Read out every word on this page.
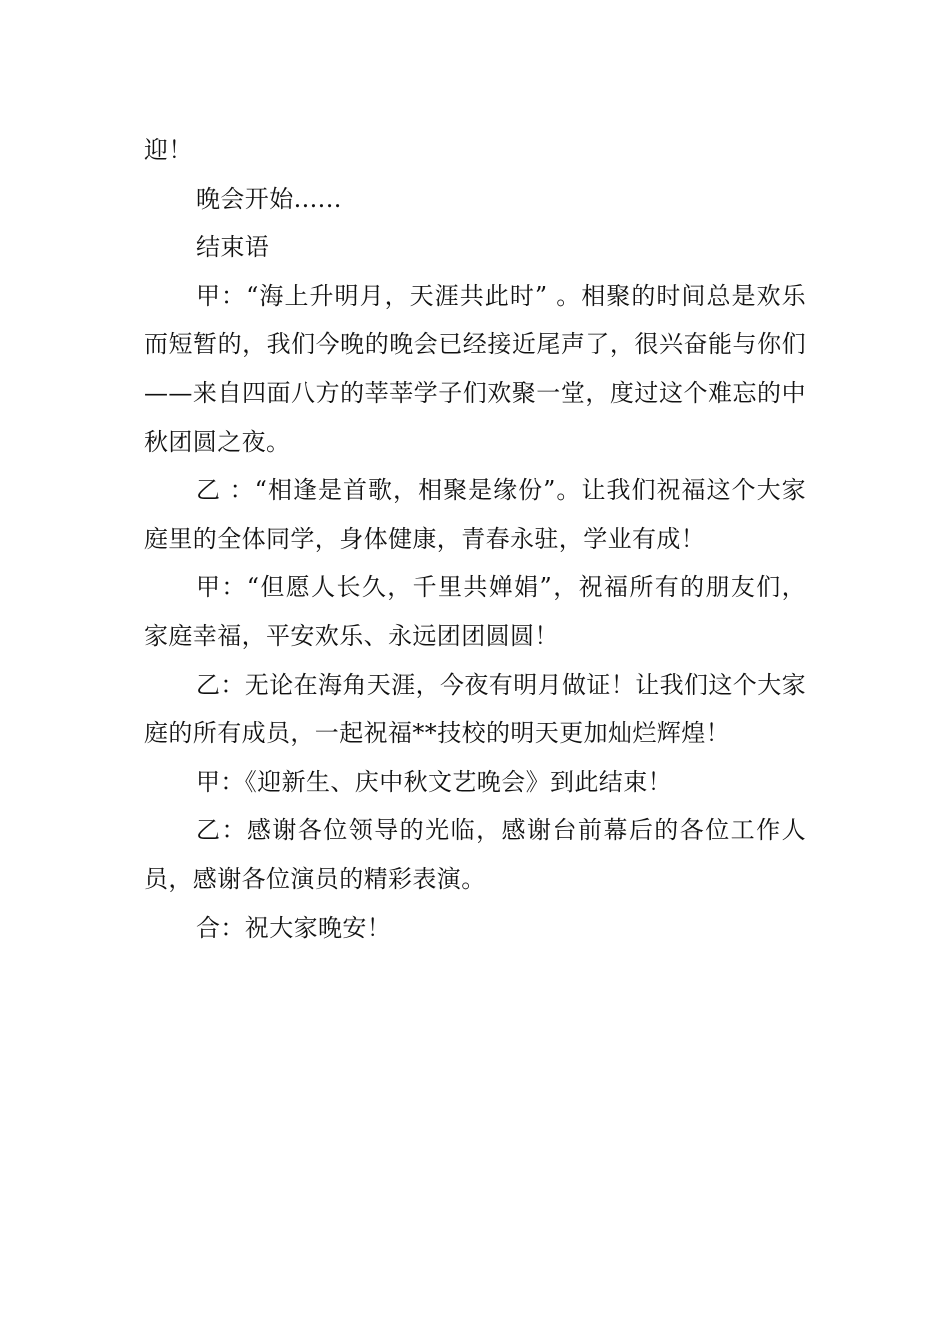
迎！

晚会开始......

结束语

甲：“海上升明月，天涯共此时” 。相聚的时间总是欢乐而短暂的，我们今晚的晚会已经接近尾声了，很兴奋能与你们——来自四面八方的莘莘学子们欢聚一堂，度过这个难忘的中秋团圆之夜。

乙 ：“相逢是首歌，相聚是缘份”。让我们祝福这个大家庭里的全体同学，身体健康，青春永驻，学业有成！

甲：“但愿人长久，千里共婵娟”，祝福所有的朋友们，家庭幸福，平安欢乐、永远团团圆圆！

乙：无论在海角天涯，今夜有明月做证！让我们这个大家庭的所有成员，一起祝福**技校的明天更加灿烂辉煌！

甲：《迎新生、庆中秋文艺晚会》到此结束！

乙：感谢各位领导的光临，感谢台前幕后的各位工作人员，感谢各位演员的精彩表演。

合：祝大家晚安！
